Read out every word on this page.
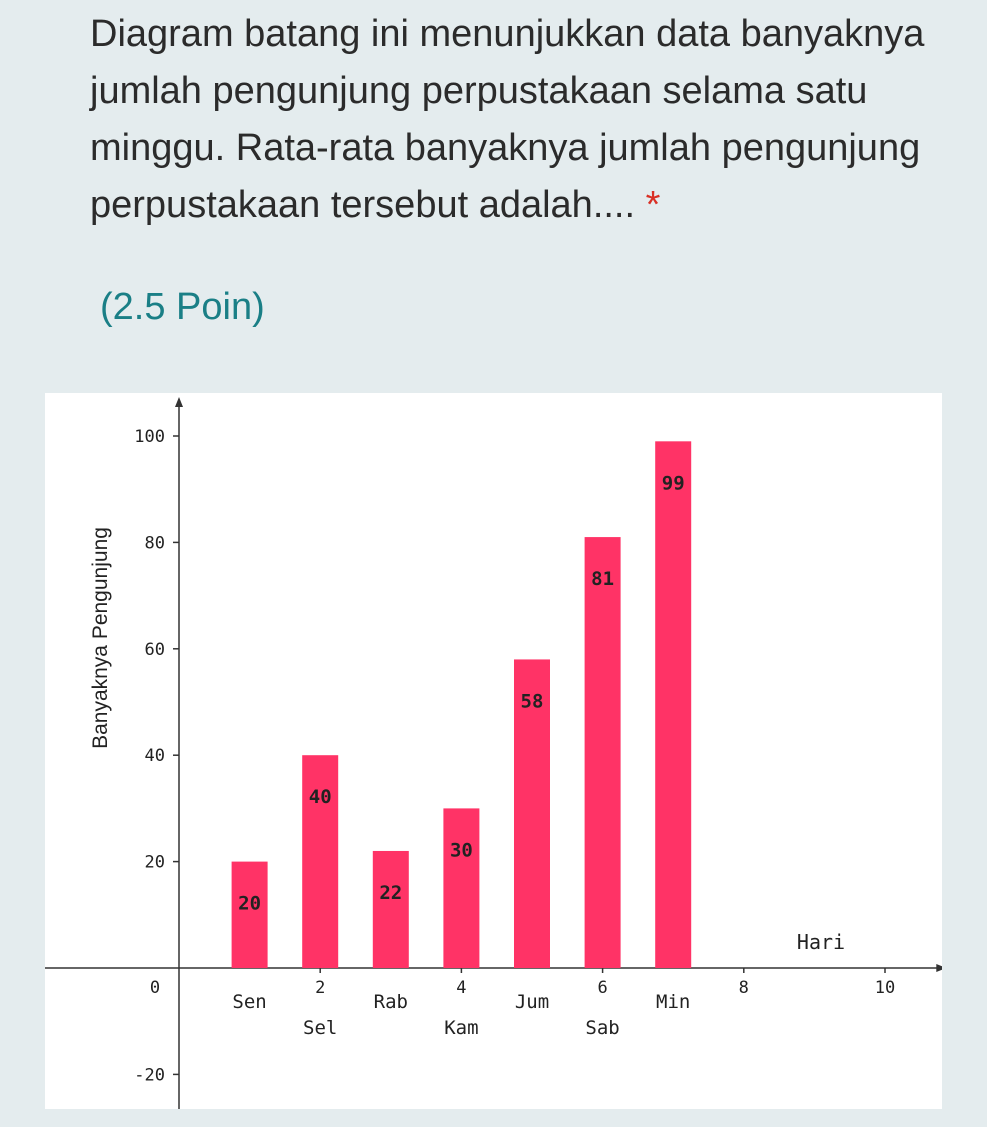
Diagram batang ini menunjukkan data banyaknya jumlah pengunjung perpustakaan selama satu minggu. Rata-rata banyaknya jumlah pengunjung perpustakaan tersebut adalah.... *
(2.5 Poin)
-20
20
40
60
80
100
0	2	4	6	8	10
20
Sen
40
Sel
22
Rab
30
Kam
58
Jum
81
Sab
99
Min
Hari
Banyaknya Pengunjung
